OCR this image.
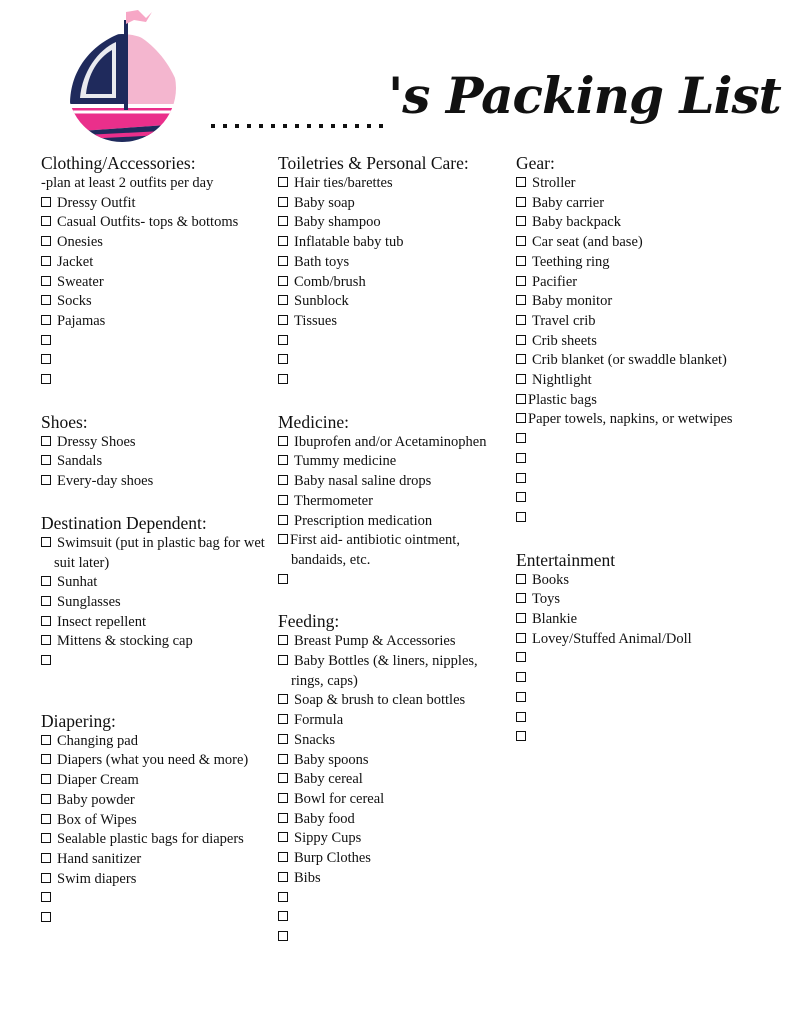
's Packing List
Clothing/Accessories:
-plan at least 2 outfits per day
Dressy Outfit
Casual Outfits- tops & bottoms
Onesies
Jacket
Sweater
Socks
Pajamas
Shoes:
Dressy Shoes
Sandals
Every-day shoes
Destination Dependent:
Swimsuit (put in plastic bag for wet suit later)
Sunhat
Sunglasses
Insect repellent
Mittens & stocking cap
Diapering:
Changing pad
Diapers (what you need & more)
Diaper Cream
Baby powder
Box of Wipes
Sealable plastic bags for diapers
Hand sanitizer
Swim diapers
Toiletries & Personal Care:
Hair ties/barettes
Baby soap
Baby shampoo
Inflatable baby tub
Bath toys
Comb/brush
Sunblock
Tissues
Medicine:
Ibuprofen and/or Acetaminophen
Tummy medicine
Baby nasal saline drops
Thermometer
Prescription medication
First aid- antibiotic ointment, bandaids, etc.
Feeding:
Breast Pump & Accessories
Baby Bottles (& liners, nipples, rings, caps)
Soap & brush to clean bottles
Formula
Snacks
Baby spoons
Baby cereal
Bowl for cereal
Baby food
Sippy Cups
Burp Clothes
Bibs
Gear:
Stroller
Baby carrier
Baby backpack
Car seat (and base)
Teething ring
Pacifier
Baby monitor
Travel crib
Crib sheets
Crib blanket (or swaddle blanket)
Nightlight
Plastic bags
Paper towels, napkins, or wetwipes
Entertainment
Books
Toys
Blankie
Lovey/Stuffed Animal/Doll
